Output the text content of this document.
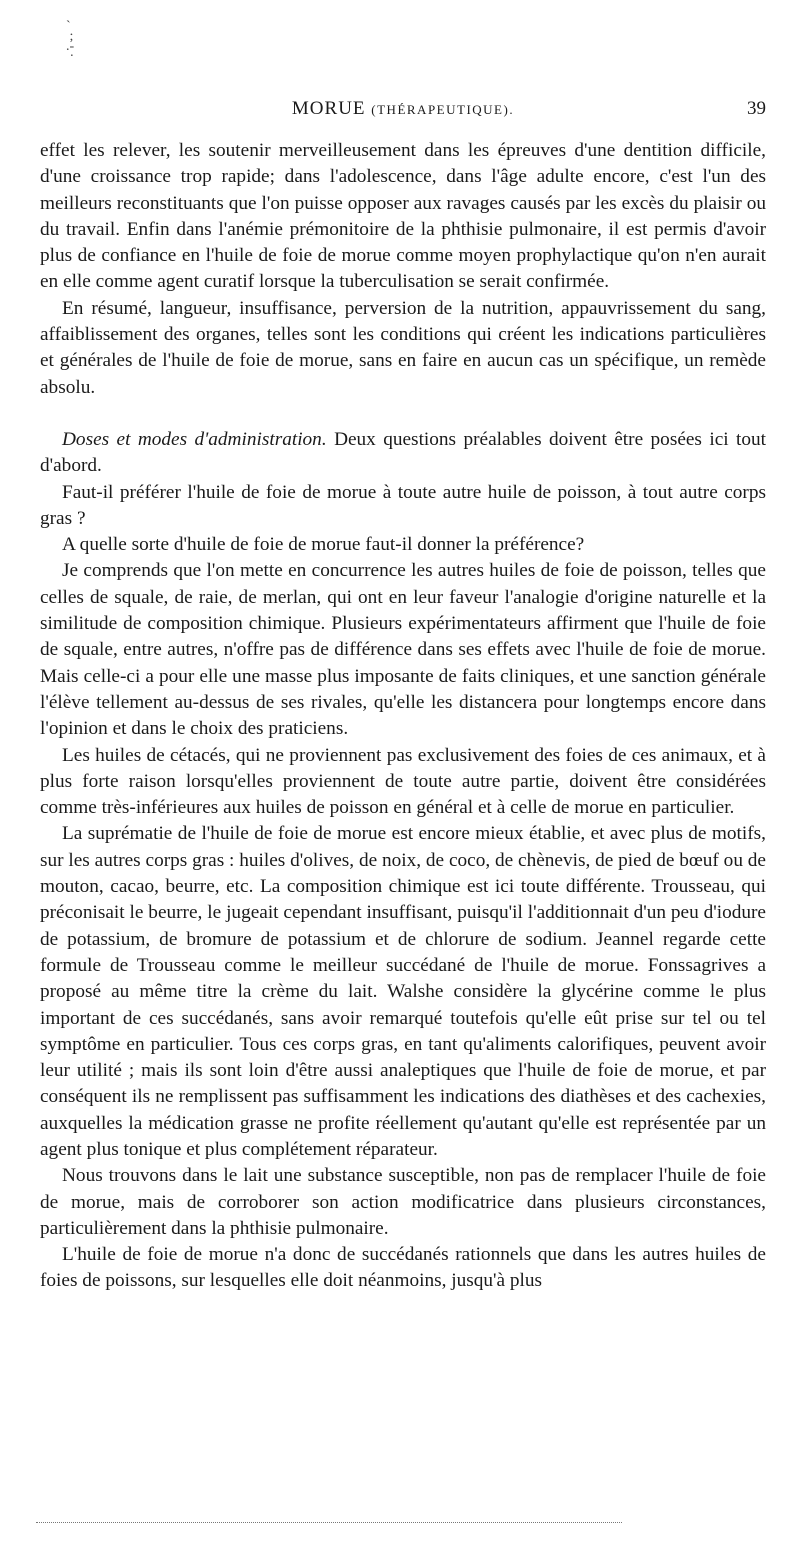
`
;
.-
·
MORUE (THÉRAPEUTIQUE).	39

effet les relever, les soutenir merveilleusement dans les épreuves d'une dentition difficile, d'une croissance trop rapide; dans l'adolescence, dans l'âge adulte encore, c'est l'un des meilleurs reconstituants que l'on puisse opposer aux ravages causés par les excès du plaisir ou du travail. Enfin dans l'anémie prémonitoire de la phthisie pulmonaire, il est permis d'avoir plus de confiance en l'huile de foie de morue comme moyen prophylactique qu'on n'en aurait en elle comme agent curatif lorsque la tuberculisation se serait confirmée.

En résumé, langueur, insuffisance, perversion de la nutrition, appauvrissement du sang, affaiblissement des organes, telles sont les conditions qui créent les indications particulières et générales de l'huile de foie de morue, sans en faire en aucun cas un spécifique, un remède absolu.

Doses et modes d'administration. Deux questions préalables doivent être posées ici tout d'abord.

Faut-il préférer l'huile de foie de morue à toute autre huile de poisson, à tout autre corps gras ?

A quelle sorte d'huile de foie de morue faut-il donner la préférence?

Je comprends que l'on mette en concurrence les autres huiles de foie de poisson, telles que celles de squale, de raie, de merlan, qui ont en leur faveur l'analogie d'origine naturelle et la similitude de composition chimique. Plusieurs expérimentateurs affirment que l'huile de foie de squale, entre autres, n'offre pas de différence dans ses effets avec l'huile de foie de morue. Mais celle-ci a pour elle une masse plus imposante de faits cliniques, et une sanction générale l'élève tellement au-dessus de ses rivales, qu'elle les distancera pour longtemps encore dans l'opinion et dans le choix des praticiens.

Les huiles de cétacés, qui ne proviennent pas exclusivement des foies de ces animaux, et à plus forte raison lorsqu'elles proviennent de toute autre partie, doivent être considérées comme très-inférieures aux huiles de poisson en général et à celle de morue en particulier.

La suprématie de l'huile de foie de morue est encore mieux établie, et avec plus de motifs, sur les autres corps gras : huiles d'olives, de noix, de coco, de chènevis, de pied de bœuf ou de mouton, cacao, beurre, etc. La composition chimique est ici toute différente. Trousseau, qui préconisait le beurre, le jugeait cependant insuffisant, puisqu'il l'additionnait d'un peu d'iodure de potassium, de bromure de potassium et de chlorure de sodium. Jeannel regarde cette formule de Trousseau comme le meilleur succédané de l'huile de morue. Fonssagrives a proposé au même titre la crème du lait. Walshe considère la glycérine comme le plus important de ces succédanés, sans avoir remarqué toutefois qu'elle eût prise sur tel ou tel symptôme en particulier. Tous ces corps gras, en tant qu'aliments calorifiques, peuvent avoir leur utilité ; mais ils sont loin d'être aussi analeptiques que l'huile de foie de morue, et par conséquent ils ne remplissent pas suffisamment les indications des diathèses et des cachexies, auxquelles la médication grasse ne profite réellement qu'autant qu'elle est représentée par un agent plus tonique et plus complétement réparateur.

Nous trouvons dans le lait une substance susceptible, non pas de remplacer l'huile de foie de morue, mais de corroborer son action modificatrice dans plusieurs circonstances, particulièrement dans la phthisie pulmonaire.

L'huile de foie de morue n'a donc de succédanés rationnels que dans les autres huiles de foies de poissons, sur lesquelles elle doit néanmoins, jusqu'à plus
